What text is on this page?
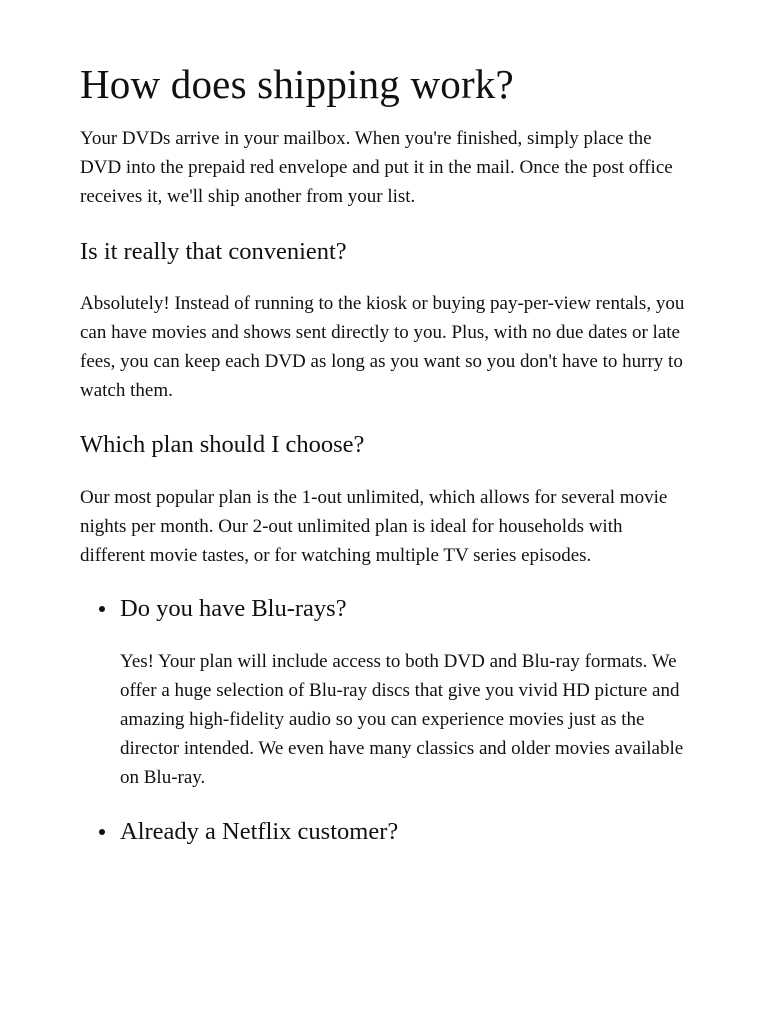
How does shipping work?

Your DVDs arrive in your mailbox. When you're finished, simply place the DVD into the prepaid red envelope and put it in the mail. Once the post office receives it, we'll ship another from your list.

Is it really that convenient?

Absolutely! Instead of running to the kiosk or buying pay-per-view rentals, you can have movies and shows sent directly to you. Plus, with no due dates or late fees, you can keep each DVD as long as you want so you don't have to hurry to watch them.

Which plan should I choose?

Our most popular plan is the 1-out unlimited, which allows for several movie nights per month. Our 2-out unlimited plan is ideal for households with different movie tastes, or for watching multiple TV series episodes.

Do you have Blu-rays?

Yes! Your plan will include access to both DVD and Blu-ray formats. We offer a huge selection of Blu-ray discs that give you vivid HD picture and amazing high-fidelity audio so you can experience movies just as the director intended. We even have many classics and older movies available on Blu-ray.

Already a Netflix customer?
